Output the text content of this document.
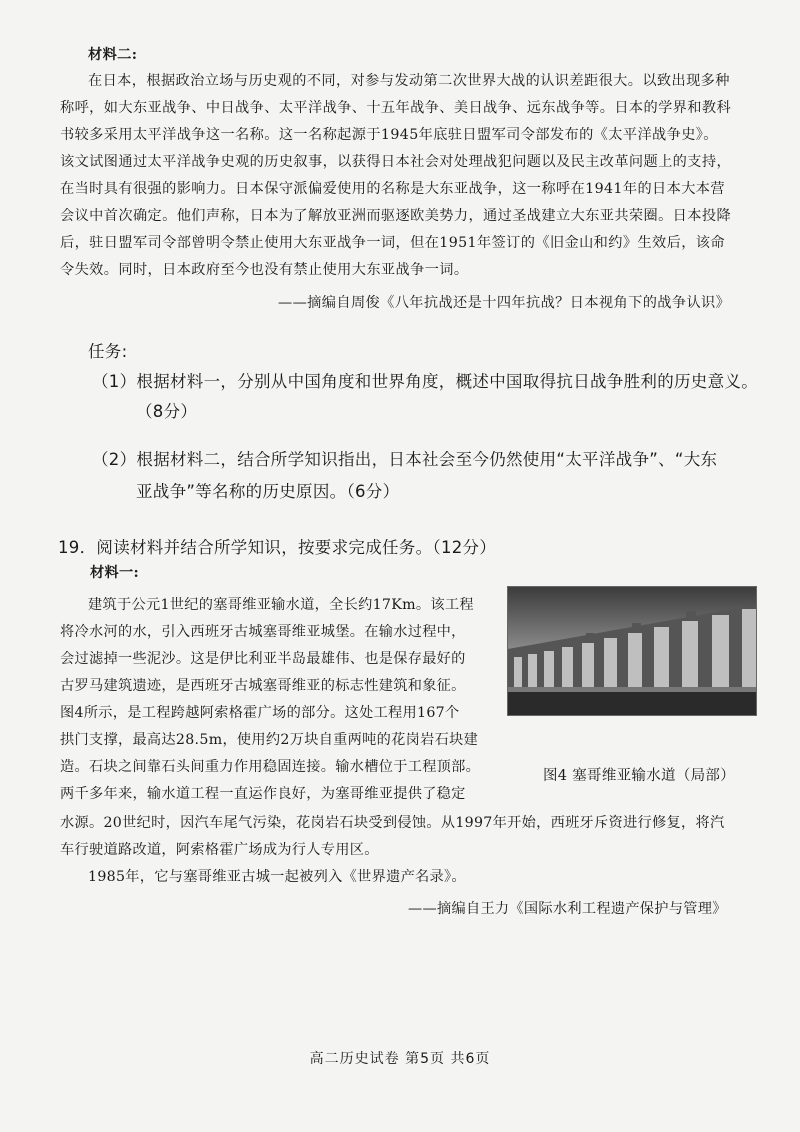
材料二:
在日本，根据政治立场与历史观的不同，对参与发动第二次世界大战的认识差距很大。以致出现多种
称呼，如大东亚战争、中日战争、太平洋战争、十五年战争、美日战争、远东战争等。日本的学界和教科
书较多采用太平洋战争这一名称。这一名称起源于1945年底驻日盟军司令部发布的《太平洋战争史》。
该文试图通过太平洋战争史观的历史叙事，以获得日本社会对处理战犯问题以及民主改革问题上的支持，
在当时具有很强的影响力。日本保守派偏爱使用的名称是大东亚战争，这一称呼在1941年的日本大本营
会议中首次确定。他们声称，日本为了解放亚洲而驱逐欧美势力，通过圣战建立大东亚共荣圈。日本投降
后，驻日盟军司令部曾明令禁止使用大东亚战争一词，但在1951年签订的《旧金山和约》生效后，该命
令失效。同时，日本政府至今也没有禁止使用大东亚战争一词。
——摘编自周俊《八年抗战还是十四年抗战？日本视角下的战争认识》
任务:
（1）根据材料一，分别从中国角度和世界角度，概述中国取得抗日战争胜利的历史意义。
（8分）
（2）根据材料二，结合所学知识指出，日本社会至今仍然使用“太平洋战争”、“大东
亚战争”等名称的历史原因。（6分）
19．阅读材料并结合所学知识，按要求完成任务。（12分）
材料一:
建筑于公元1世纪的塞哥维亚输水道，全长约17Km。该工程
将冷水河的水，引入西班牙古城塞哥维亚城堡。在输水过程中，
会过滤掉一些泥沙。这是伊比利亚半岛最雄伟、也是保存最好的
古罗马建筑遗迹，是西班牙古城塞哥维亚的标志性建筑和象征。
图4所示，是工程跨越阿索格霍广场的部分。这处工程用167个
拱门支撑，最高达28.5m，使用约2万块自重两吨的花岗岩石块建
造。石块之间靠石头间重力作用稳固连接。输水槽位于工程顶部。
两千多年来，输水道工程一直运作良好，为塞哥维亚提供了稳定
水源。20世纪时，因汽车尾气污染，花岗岩石块受到侵蚀。从1997年开始，西班牙斥资进行修复，将汽
车行驶道路改道，阿索格霍广场成为行人专用区。
1985年，它与塞哥维亚古城一起被列入《世界遗产名录》。
——摘编自王力《国际水利工程遗产保护与管理》
图4 塞哥维亚输水道（局部）
高二历史试卷 第5页 共6页
